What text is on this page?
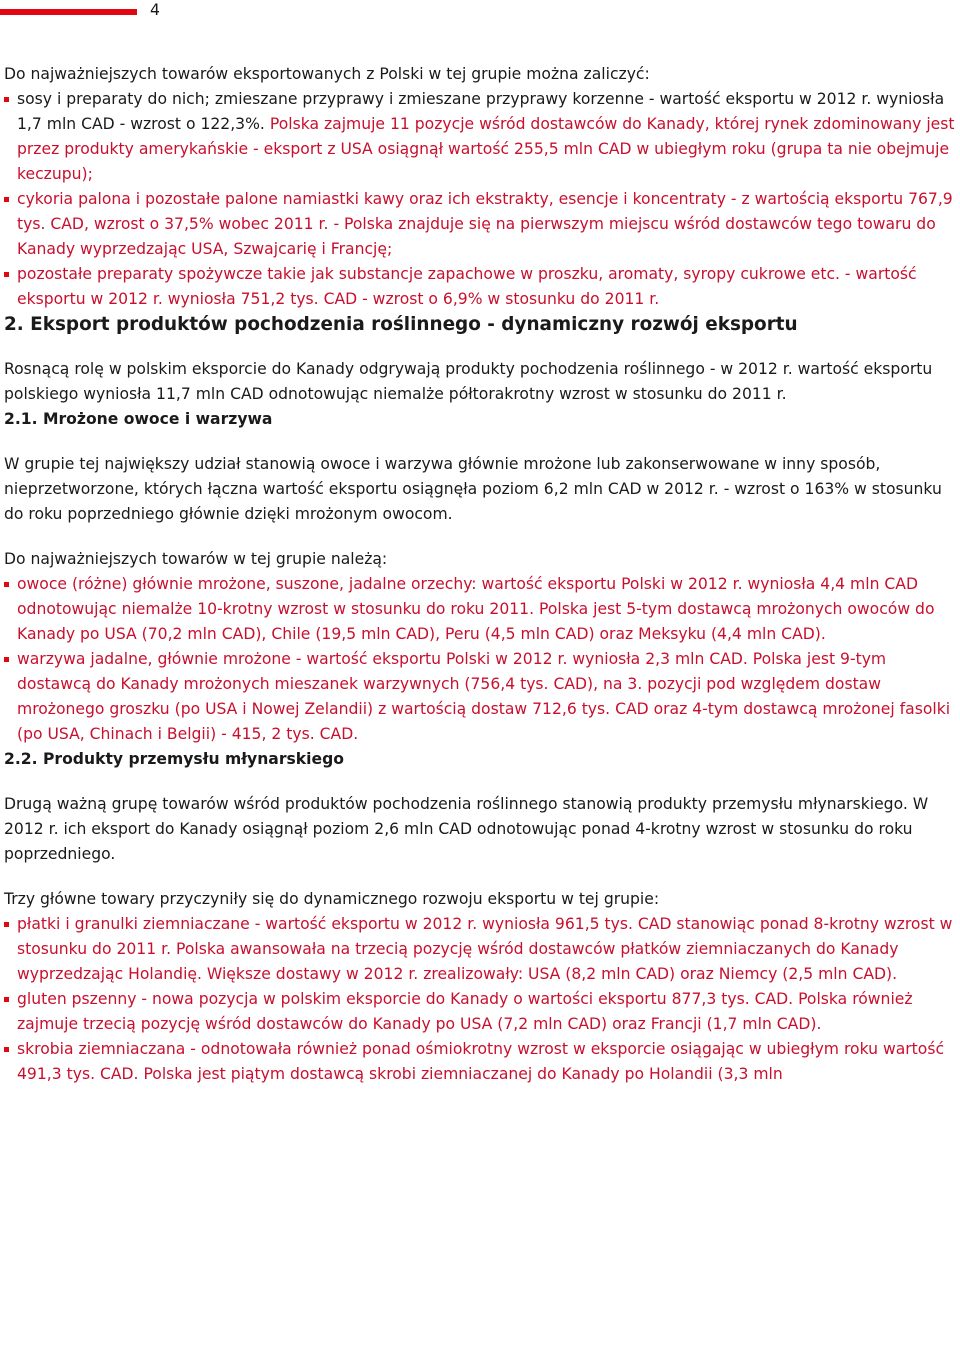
4

Do najważniejszych towarów eksportowanych z Polski w tej grupie można zaliczyć:

sosy i preparaty do nich; zmieszane przyprawy i zmieszane przyprawy korzenne - wartość eksportu w 2012 r. wyniosła 1,7 mln CAD - wzrost o 122,3%. Polska zajmuje 11 pozycje wśród dostawców do Kanady, której rynek zdominowany jest przez produkty amerykańskie - eksport z USA osiągnął wartość 255,5 mln CAD w ubiegłym roku (grupa ta nie obejmuje keczupu);
cykoria palona i pozostałe palone namiastki kawy oraz ich ekstrakty, esencje i koncentraty - z wartością eksportu 767,9 tys. CAD, wzrost o 37,5% wobec 2011 r. - Polska znajduje się na pierwszym miejscu wśród dostawców tego towaru do Kanady wyprzedzając USA, Szwajcarię i Francję;
pozostałe preparaty spożywcze takie jak substancje zapachowe w proszku, aromaty, syropy cukrowe etc. - wartość eksportu w 2012 r. wyniosła 751,2 tys. CAD - wzrost o 6,9% w stosunku do 2011 r.
2. Eksport produktów pochodzenia roślinnego - dynamiczny rozwój eksportu

Rosnącą rolę w polskim eksporcie do Kanady odgrywają produkty pochodzenia roślinnego - w 2012 r. wartość eksportu polskiego wyniosła 11,7 mln CAD odnotowując niemalże półtorakrotny wzrost w stosunku do 2011 r.

2.1. Mrożone owoce i warzywa

W grupie tej największy udział stanowią owoce i warzywa głównie mrożone lub zakonserwowane w inny sposób, nieprzetworzone, których łączna wartość eksportu osiągnęła poziom 6,2 mln CAD w 2012 r. - wzrost o 163% w stosunku do roku poprzedniego głównie dzięki mrożonym owocom.

Do najważniejszych towarów w tej grupie należą:

owoce (różne) głównie mrożone, suszone, jadalne orzechy: wartość eksportu Polski w 2012 r. wyniosła 4,4 mln CAD odnotowując niemalże 10-krotny wzrost w stosunku do roku 2011. Polska jest 5-tym dostawcą mrożonych owoców do Kanady po USA (70,2 mln CAD), Chile (19,5 mln CAD), Peru (4,5 mln CAD) oraz Meksyku (4,4 mln CAD).
warzywa jadalne, głównie mrożone - wartość eksportu Polski w 2012 r. wyniosła 2,3 mln CAD. Polska jest 9-tym dostawcą do Kanady mrożonych mieszanek warzywnych (756,4 tys. CAD), na 3. pozycji pod względem dostaw mrożonego groszku (po USA i Nowej Zelandii) z wartością dostaw 712,6 tys. CAD oraz 4-tym dostawcą mrożonej fasolki (po USA, Chinach i Belgii) - 415, 2 tys. CAD.
2.2. Produkty przemysłu młynarskiego

Drugą ważną grupę towarów wśród produktów pochodzenia roślinnego stanowią produkty przemysłu młynarskiego. W 2012 r. ich eksport do Kanady osiągnął poziom 2,6 mln CAD odnotowując ponad 4-krotny wzrost w stosunku do roku poprzedniego.

Trzy główne towary przyczyniły się do dynamicznego rozwoju eksportu w tej grupie:

płatki i granulki ziemniaczane - wartość eksportu w 2012 r. wyniosła 961,5 tys. CAD stanowiąc ponad 8-krotny wzrost w stosunku do 2011 r. Polska awansowała na trzecią pozycję wśród dostawców płatków ziemniaczanych do Kanady wyprzedzając Holandię. Większe dostawy w 2012 r. zrealizowały: USA (8,2 mln CAD) oraz Niemcy (2,5 mln CAD).
gluten pszenny - nowa pozycja w polskim eksporcie do Kanady o wartości eksportu 877,3 tys. CAD. Polska również zajmuje trzecią pozycję wśród dostawców do Kanady po USA (7,2 mln CAD) oraz Francji (1,7 mln CAD).
skrobia ziemniaczana - odnotowała również ponad ośmiokrotny wzrost w eksporcie osiągając w ubiegłym roku wartość 491,3 tys. CAD. Polska jest piątym dostawcą skrobi ziemniaczanej do Kanady po Holandii (3,3 mln
